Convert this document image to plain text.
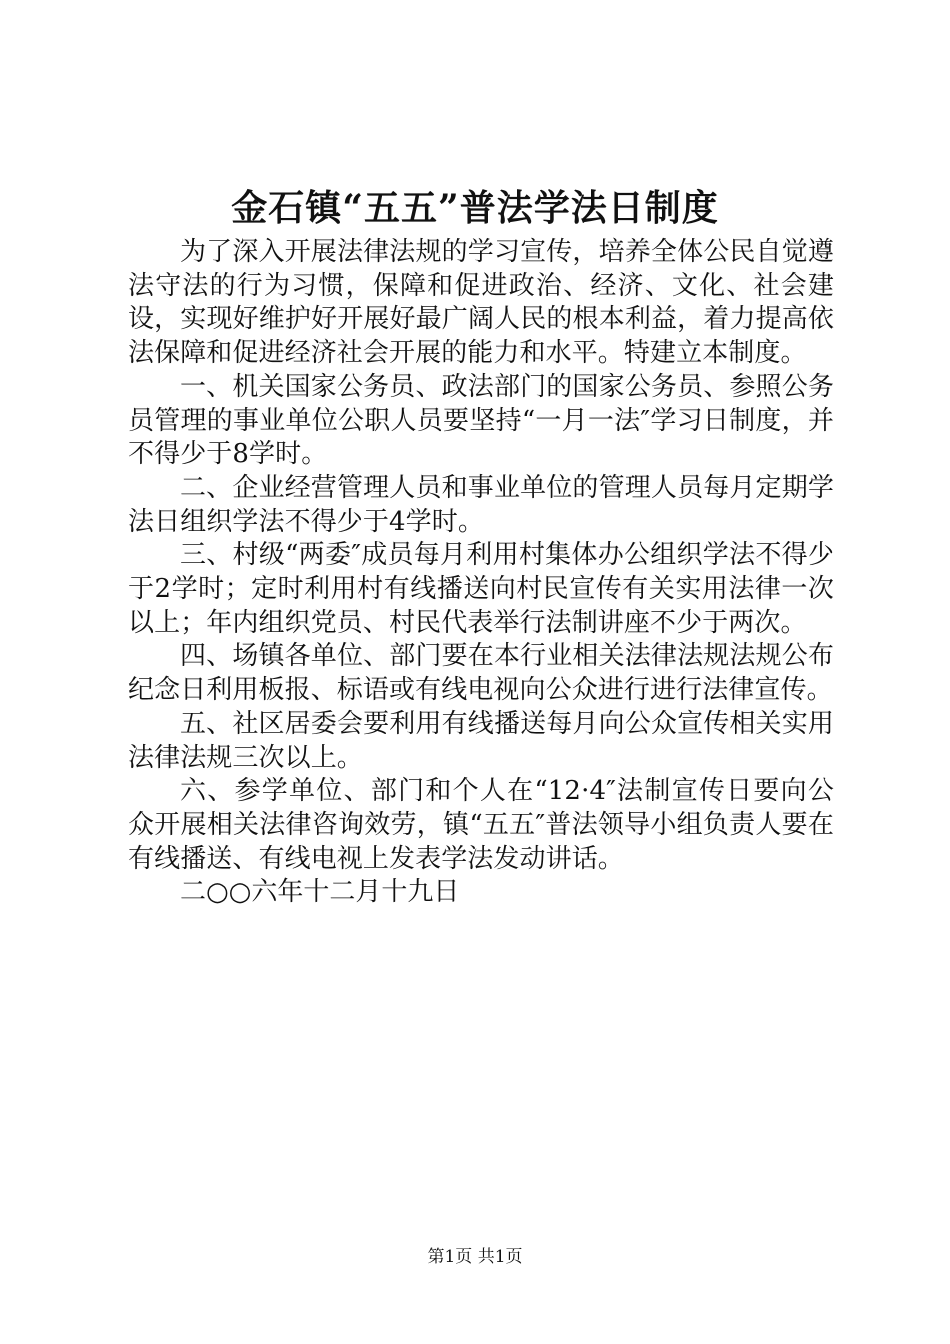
金石镇“五五”普法学法日制度

为了深入开展法律法规的学习宣传，培养全体公民自觉遵法守法的行为习惯，保障和促进政治、经济、文化、社会建设，实现好维护好开展好最广阔人民的根本利益，着力提高依法保障和促进经济社会开展的能力和水平。特建立本制度。

一、机关国家公务员、政法部门的国家公务员、参照公务员管理的事业单位公职人员要坚持“一月一法″学习日制度，并不得少于8学时。

二、企业经营管理人员和事业单位的管理人员每月定期学法日组织学法不得少于4学时。

三、村级“两委″成员每月利用村集体办公组织学法不得少于2学时；定时利用村有线播送向村民宣传有关实用法律一次以上；年内组织党员、村民代表举行法制讲座不少于两次。

四、场镇各单位、部门要在本行业相关法律法规法规公布纪念日利用板报、标语或有线电视向公众进行进行法律宣传。

五、社区居委会要利用有线播送每月向公众宣传相关实用法律法规三次以上。

六、参学单位、部门和个人在“12·4″法制宣传日要向公众开展相关法律咨询效劳，镇“五五″普法领导小组负责人要在有线播送、有线电视上发表学法发动讲话。

二○○六年十二月十九日

第1页 共1页
